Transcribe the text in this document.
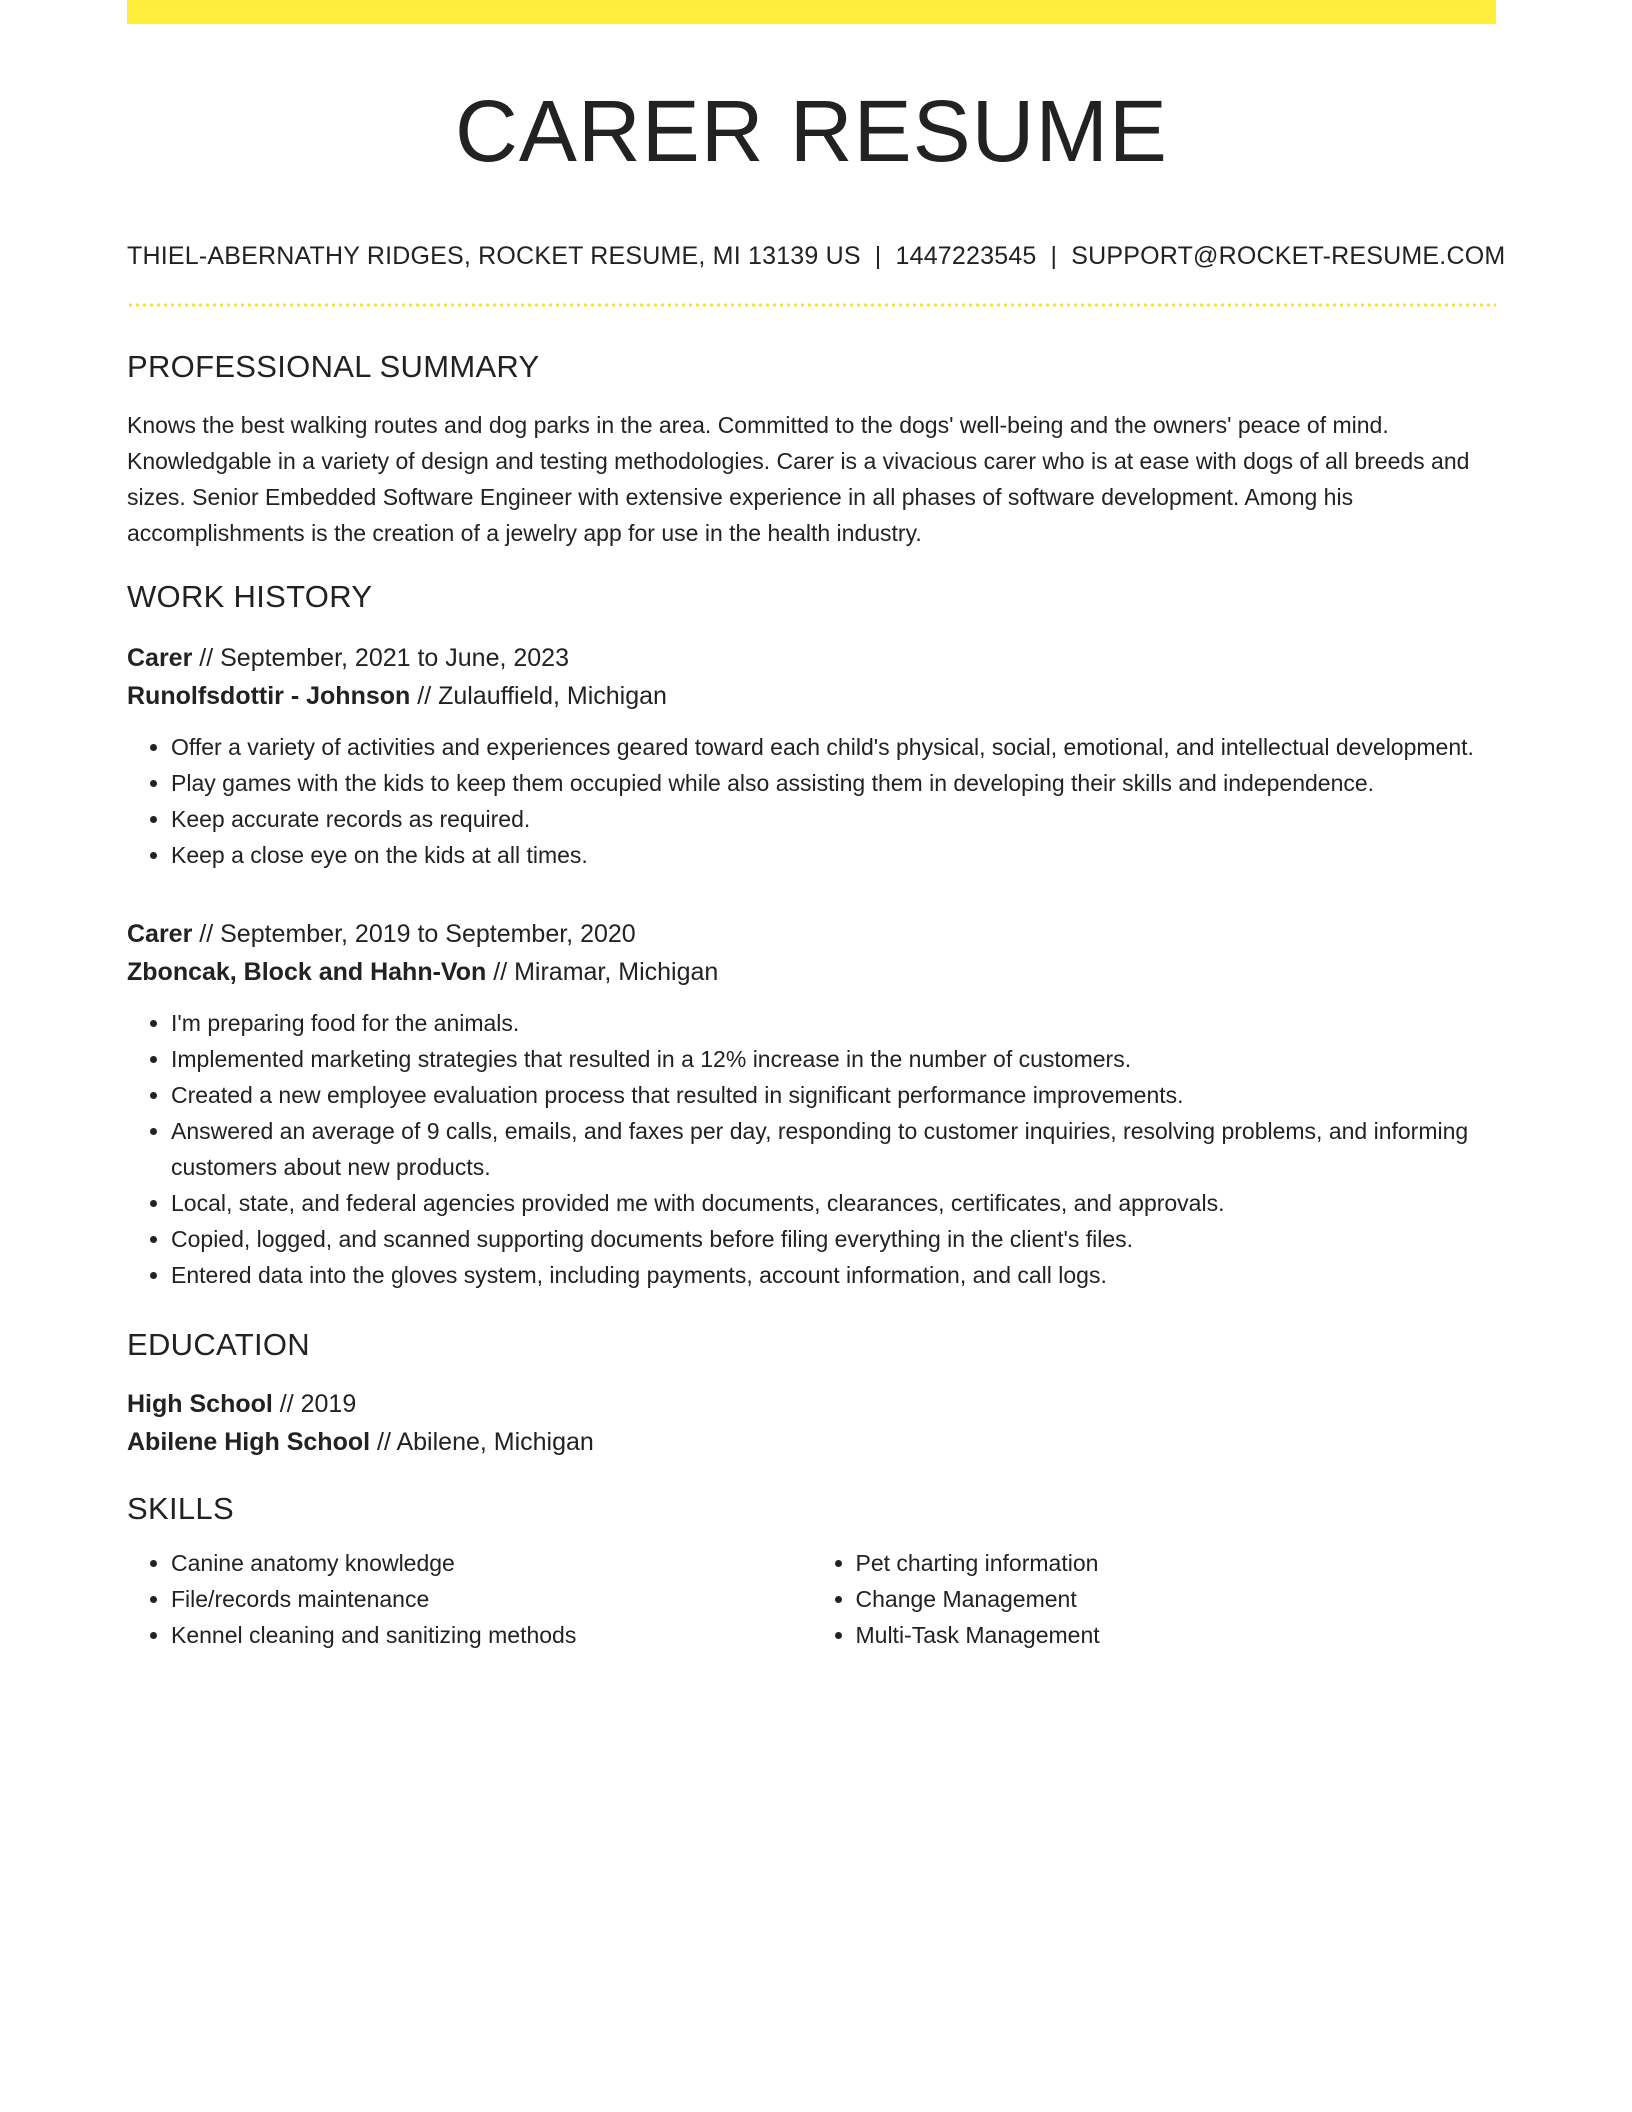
CARER RESUME
THIEL-ABERNATHY RIDGES, ROCKET RESUME, MI 13139 US | 1447223545 | SUPPORT@ROCKET-RESUME.COM
PROFESSIONAL SUMMARY

Knows the best walking routes and dog parks in the area. Committed to the dogs' well-being and the owners' peace of mind. Knowledgable in a variety of design and testing methodologies. Carer is a vivacious carer who is at ease with dogs of all breeds and sizes. Senior Embedded Software Engineer with extensive experience in all phases of software development. Among his accomplishments is the creation of a jewelry app for use in the health industry.

WORK HISTORY
Carer // September, 2021 to June, 2023
Runolfsdottir - Johnson // Zulauffield, Michigan
• Offer a variety of activities and experiences geared toward each child's physical, social, emotional, and intellectual development.
• Play games with the kids to keep them occupied while also assisting them in developing their skills and independence.
• Keep accurate records as required.
• Keep a close eye on the kids at all times.
Carer // September, 2019 to September, 2020
Zboncak, Block and Hahn-Von // Miramar, Michigan
• I'm preparing food for the animals.
• Implemented marketing strategies that resulted in a 12% increase in the number of customers.
• Created a new employee evaluation process that resulted in significant performance improvements.
• Answered an average of 9 calls, emails, and faxes per day, responding to customer inquiries, resolving problems, and informing customers about new products.
• Local, state, and federal agencies provided me with documents, clearances, certificates, and approvals.
• Copied, logged, and scanned supporting documents before filing everything in the client's files.
• Entered data into the gloves system, including payments, account information, and call logs.
EDUCATION
High School // 2019
Abilene High School // Abilene, Michigan
SKILLS
• Canine anatomy knowledge
• File/records maintenance
• Kennel cleaning and sanitizing methods
• Pet charting information
• Change Management
• Multi-Task Management
